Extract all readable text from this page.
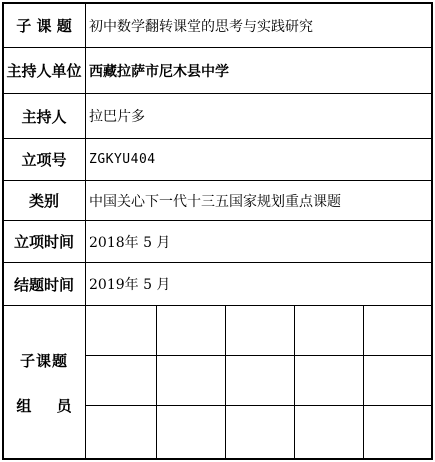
子 课 题	初中数学翻转课堂的思考与实践研究
主持人单位 西藏拉萨市尼木县中学
主持人	拉巴片多
立项号	ZGKYU404
类别	中国关心下一代十三五国家规划重点课题
立项时间	2018年 5 月
结题时间	2019年 5 月
子课题
组 员
